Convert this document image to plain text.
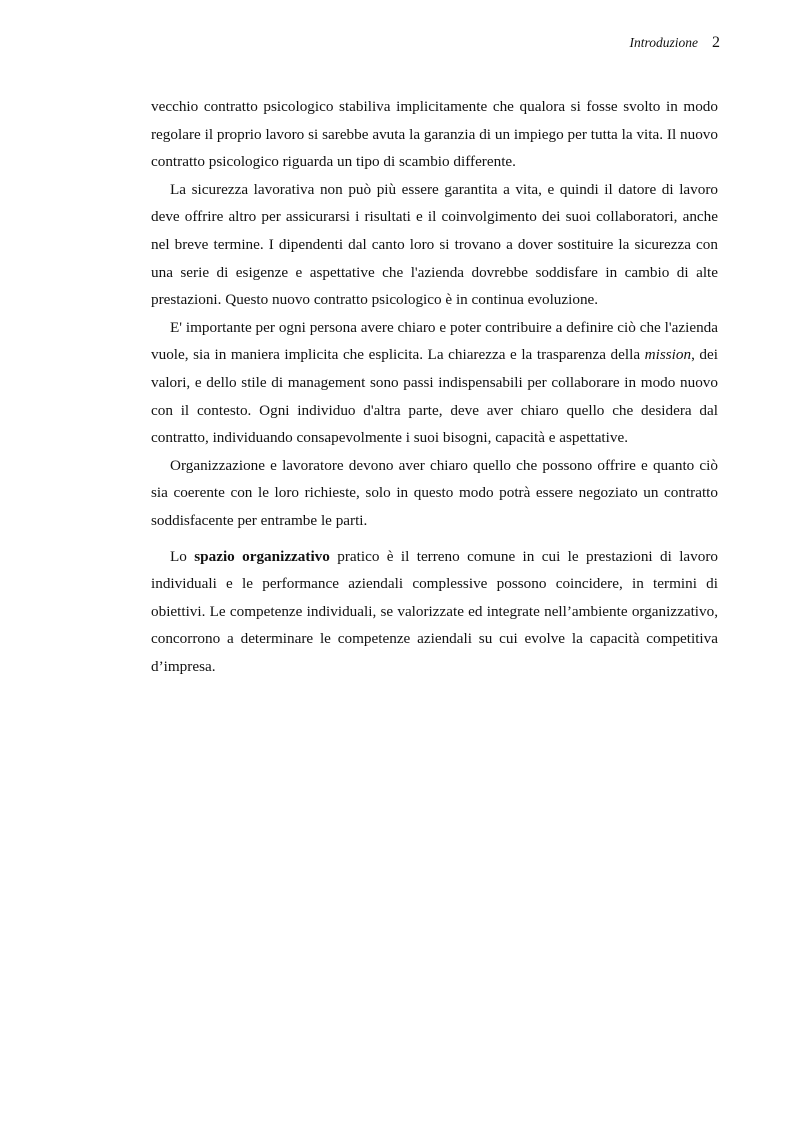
Introduzione 2

vecchio contratto psicologico stabiliva implicitamente che qualora si fosse svolto in modo regolare il proprio lavoro si sarebbe avuta la garanzia di un impiego per tutta la vita. Il nuovo contratto psicologico riguarda un tipo di scambio differente.

La sicurezza lavorativa non può più essere garantita a vita, e quindi il datore di lavoro deve offrire altro per assicurarsi i risultati e il coinvolgimento dei suoi collaboratori, anche nel breve termine. I dipendenti dal canto loro si trovano a dover sostituire la sicurezza con una serie di esigenze e aspettative che l'azienda dovrebbe soddisfare in cambio di alte prestazioni. Questo nuovo contratto psicologico è in continua evoluzione.

E' importante per ogni persona avere chiaro e poter contribuire a definire ciò che l'azienda vuole, sia in maniera implicita che esplicita. La chiarezza e la trasparenza della mission, dei valori, e dello stile di management sono passi indispensabili per collaborare in modo nuovo con il contesto. Ogni individuo d'altra parte, deve aver chiaro quello che desidera dal contratto, individuando consapevolmente i suoi bisogni, capacità e aspettative.

Organizzazione e lavoratore devono aver chiaro quello che possono offrire e quanto ciò sia coerente con le loro richieste, solo in questo modo potrà essere negoziato un contratto soddisfacente per entrambe le parti.

Lo spazio organizzativo pratico è il terreno comune in cui le prestazioni di lavoro individuali e le performance aziendali complessive possono coincidere, in termini di obiettivi. Le competenze individuali, se valorizzate ed integrate nell’ambiente organizzativo, concorrono a determinare le competenze aziendali su cui evolve la capacità competitiva d’impresa.
